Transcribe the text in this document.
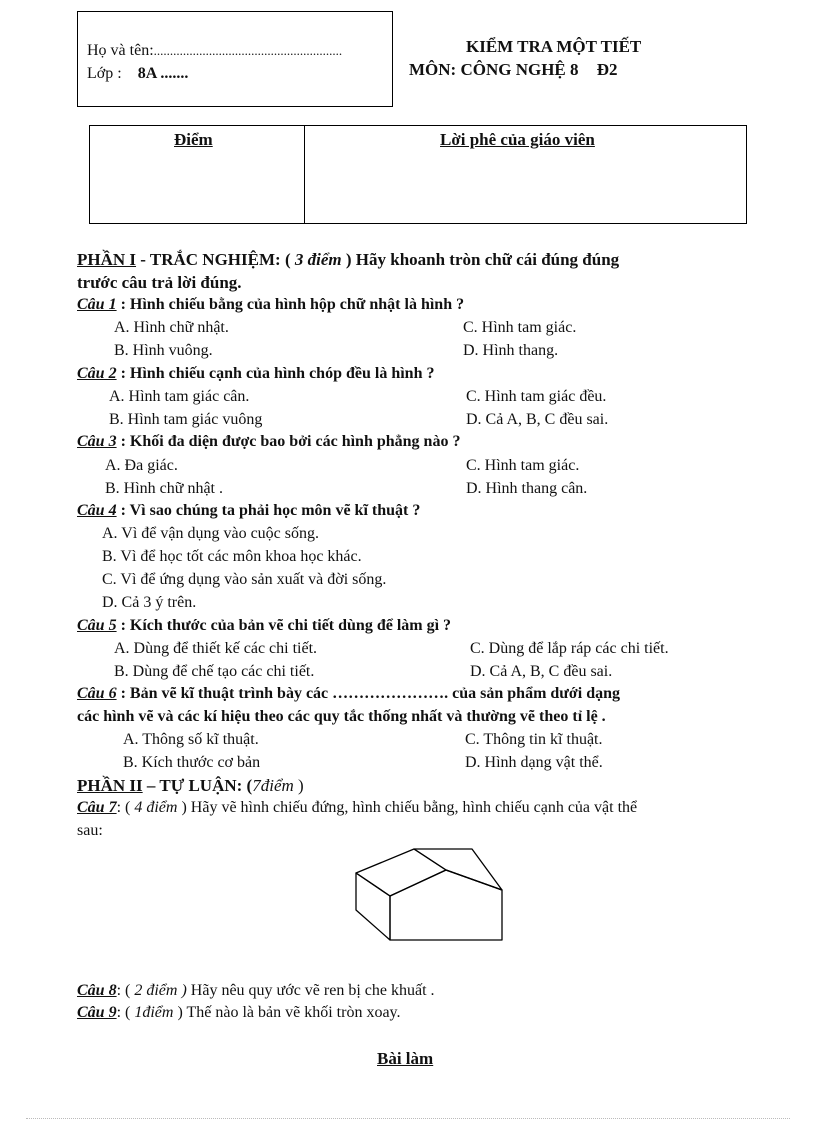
Họ và tên:..........................................................
Lớp : 8A .......
KIỂM TRA MỘT TIẾT
MÔN: CÔNG NGHỆ 8 Đ2
Điểm	Lời phê của giáo viên
PHẦN I - TRẮC NGHIỆM: ( 3 điểm ) Hãy khoanh tròn chữ cái đúng đúng
trước câu trả lời đúng.
Câu 1 : Hình chiếu bằng của hình hộp chữ nhật là hình ?
A. Hình chữ nhật.	C. Hình tam giác.
B. Hình vuông.	D. Hình thang.
Câu 2 : Hình chiếu cạnh của hình chóp đều là hình ?
A. Hình tam giác cân.	C. Hình tam giác đều.
B. Hình tam giác vuông	D. Cả A, B, C đều sai.
Câu 3 : Khối đa diện được bao bởi các hình phẳng nào ?
A. Đa giác.	C. Hình tam giác.
B. Hình chữ nhật .	D. Hình thang cân.
Câu 4 : Vì sao chúng ta phải học môn vẽ kĩ thuật ?
A. Vì để vận dụng vào cuộc sống.
B. Vì để học tốt các môn khoa học khác.
C. Vì để ứng dụng vào sản xuất và đời sống.
D. Cả 3 ý trên.
Câu 5 : Kích thước của bản vẽ chi tiết dùng để làm gì ?
A. Dùng để thiết kế các chi tiết.	C. Dùng để lắp ráp các chi tiết.
B. Dùng để chế tạo các chi tiết.	D. Cả A, B, C đều sai.
Câu 6 : Bản vẽ kĩ thuật trình bày các …………………. của sản phẩm dưới dạng
các hình vẽ và các kí hiệu theo các quy tắc thống nhất và thường vẽ theo tỉ lệ .
A. Thông số kĩ thuật.	C. Thông tin kĩ thuật.
B. Kích thước cơ bản	D. Hình dạng vật thể.
PHẦN II – TỰ LUẬN: (7điểm )
Câu 7: ( 4 điểm ) Hãy vẽ hình chiếu đứng, hình chiếu bằng, hình chiếu cạnh của vật thể
sau:
Câu 8: ( 2 điểm ) Hãy nêu quy ước vẽ ren bị che khuất .
Câu 9: ( 1điểm ) Thế nào là bản vẽ khối tròn xoay.
Bài làm
